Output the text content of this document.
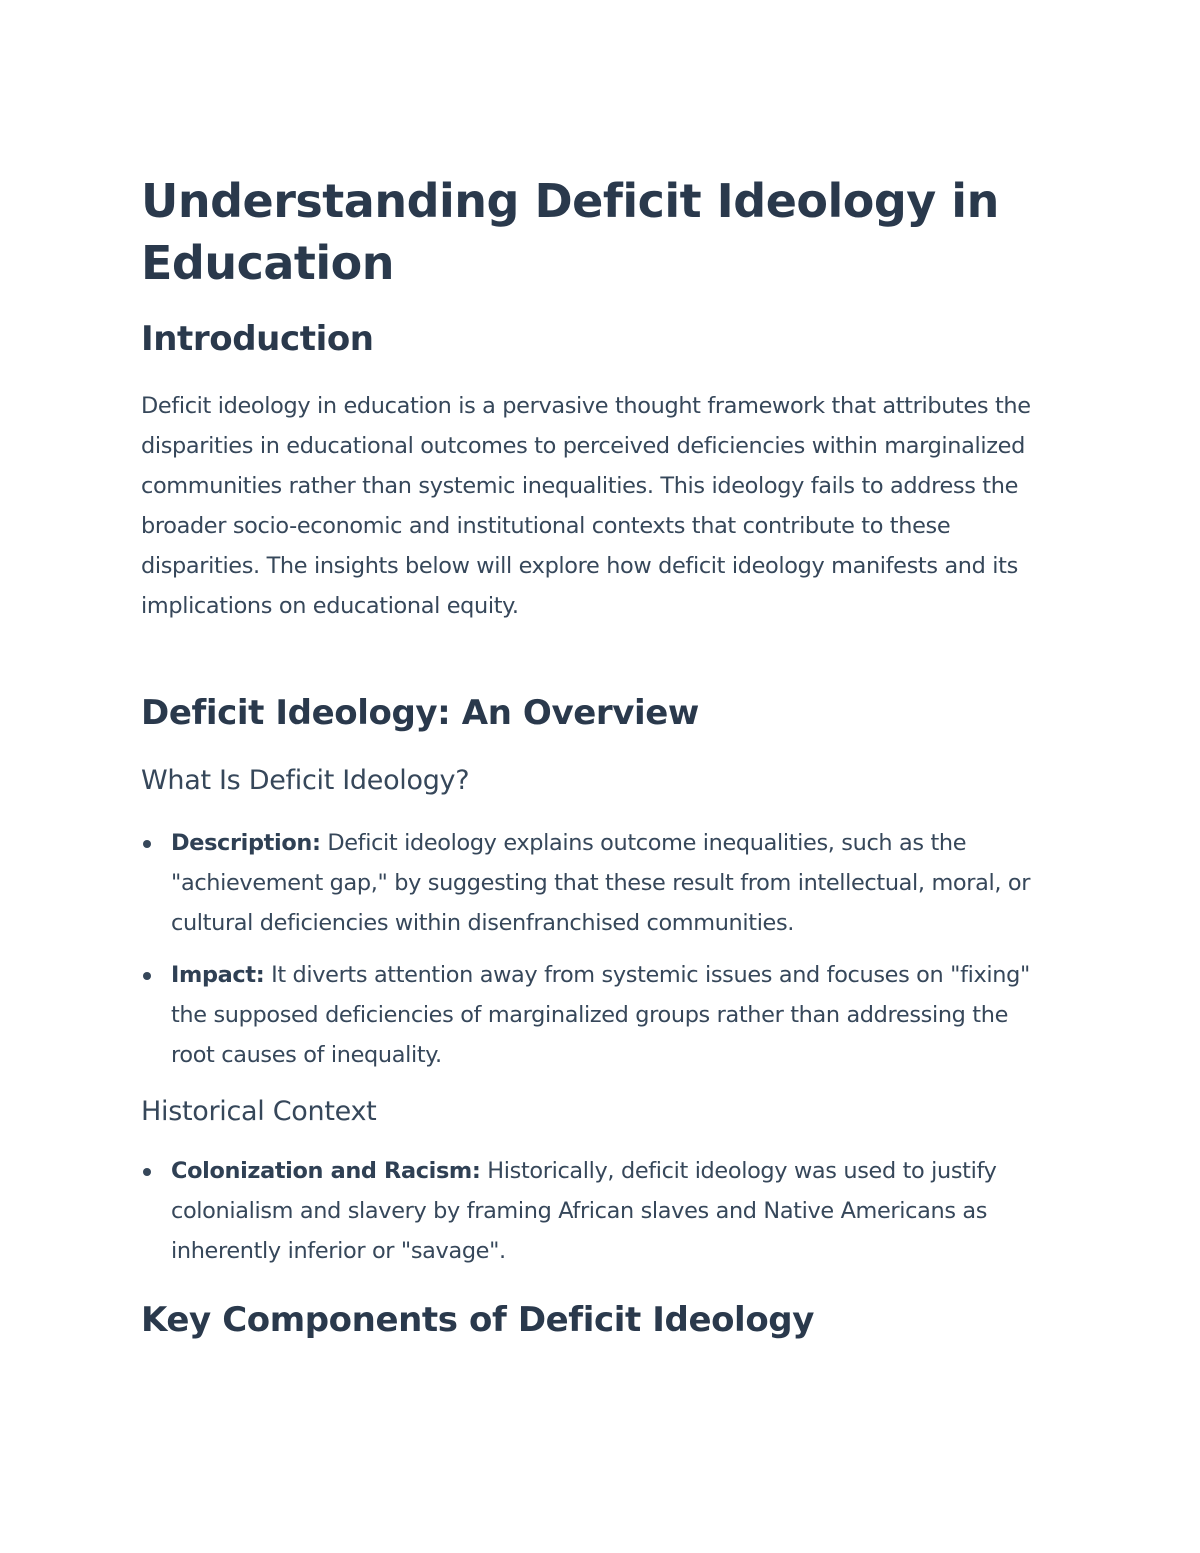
Understanding Deficit Ideology in Education
Introduction

Deficit ideology in education is a pervasive thought framework that attributes the disparities in educational outcomes to perceived deficiencies within marginalized communities rather than systemic inequalities. This ideology fails to address the broader socio-economic and institutional contexts that contribute to these disparities. The insights below will explore how deficit ideology manifests and its implications on educational equity.

Deficit Ideology: An Overview
What Is Deficit Ideology?
Description: Deficit ideology explains outcome inequalities, such as the "achievement gap," by suggesting that these result from intellectual, moral, or cultural deficiencies within disenfranchised communities.
Impact: It diverts attention away from systemic issues and focuses on "fixing" the supposed deficiencies of marginalized groups rather than addressing the root causes of inequality.
Historical Context
Colonization and Racism: Historically, deficit ideology was used to justify colonialism and slavery by framing African slaves and Native Americans as inherently inferior or "savage".
Key Components of Deficit Ideology
